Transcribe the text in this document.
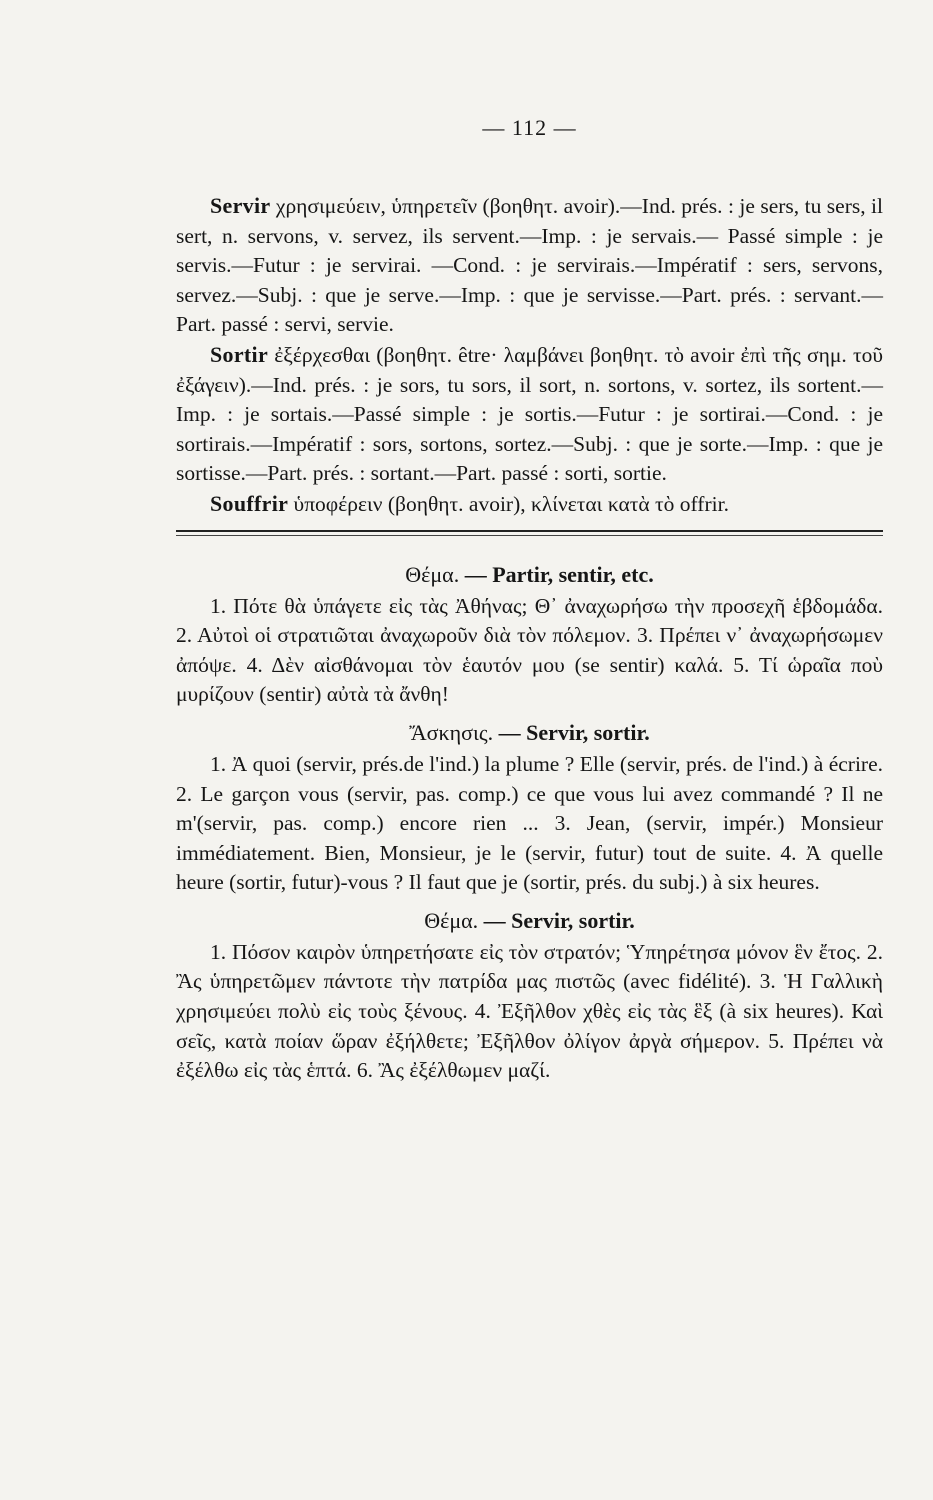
— 112 —

Servir χρησιμεύειν, ὑπηρετεῖν (βοηθητ. avoir).—Ind. prés. : je sers, tu sers, il sert, n. servons, v. servez, ils servent.—Imp. : je servais.— Passé simple : je servis.—Futur : je servirai. —Cond. : je servirais.—Impératif : sers, servons, servez.—Subj. : que je serve.—Imp. : que je servisse.—Part. prés. : servant.—Part. passé : servi, servie.

Sortir ἐξέρχεσθαι (βοηθητ. être· λαμβάνει βοηθητ. τὸ avoir ἐπὶ τῆς σημ. τοῦ ἐξάγειν).—Ind. prés. : je sors, tu sors, il sort, n. sortons, v. sortez, ils sortent.—Imp. : je sortais.—Passé simple : je sortis.—Futur : je sortirai.—Cond. : je sortirais.—Impératif : sors, sortons, sortez.—Subj. : que je sorte.—Imp. : que je sortisse.—Part. prés. : sortant.—Part. passé : sorti, sortie.

Souffrir ὑποφέρειν (βοηθητ. avoir), κλίνεται κατὰ τὸ offrir.

Θέμα. — Partir, sentir, etc.

1. Πότε θὰ ὑπάγετε εἰς τὰς Ἀθήνας; Θ᾽ ἀναχωρήσω τὴν προσεχῆ ἑβδομάδα. 2. Αὐτοὶ οἱ στρατιῶται ἀναχωροῦν διὰ τὸν πόλεμον. 3. Πρέπει ν᾽ ἀναχωρήσωμεν ἀπόψε. 4. Δὲν αἰσθάνομαι τὸν ἑαυτόν μου (se sentir) καλά. 5. Τί ὡραῖα ποὺ μυρίζουν (sentir) αὐτὰ τὰ ἄνθη!

Ἄσκησις. — Servir, sortir.

1. Ἀ quoi (servir, prés.de l'ind.) la plume ? Elle (servir, prés. de l'ind.) à écrire. 2. Le garçon vous (servir, pas. comp.) ce que vous lui avez commandé ? Il ne m'(servir, pas. comp.) encore rien ... 3. Jean, (servir, impér.) Monsieur immédiatement. Bien, Monsieur, je le (servir, futur) tout de suite. 4. Ἀ quelle heure (sortir, futur)-vous ? Il faut que je (sortir, prés. du subj.) à six heures.

Θέμα. — Servir, sortir.

1. Πόσον καιρὸν ὑπηρετήσατε εἰς τὸν στρατόν; Ὑπηρέτησα μόνον ἓν ἔτος. 2. Ἂς ὑπηρετῶμεν πάντοτε τὴν πατρίδα μας πιστῶς (avec fidélité). 3. Ἡ Γαλλικὴ χρησιμεύει πολὺ εἰς τοὺς ξένους. 4. Ἐξῆλθον χθὲς εἰς τὰς ἓξ (à six heures). Καὶ σεῖς, κατὰ ποίαν ὥραν ἐξήλθετε; Ἐξῆλθον ὀλίγον ἀργὰ σήμερον. 5. Πρέπει νὰ ἐξέλθω εἰς τὰς ἑπτά. 6. Ἂς ἐξέλθωμεν μαζί.
